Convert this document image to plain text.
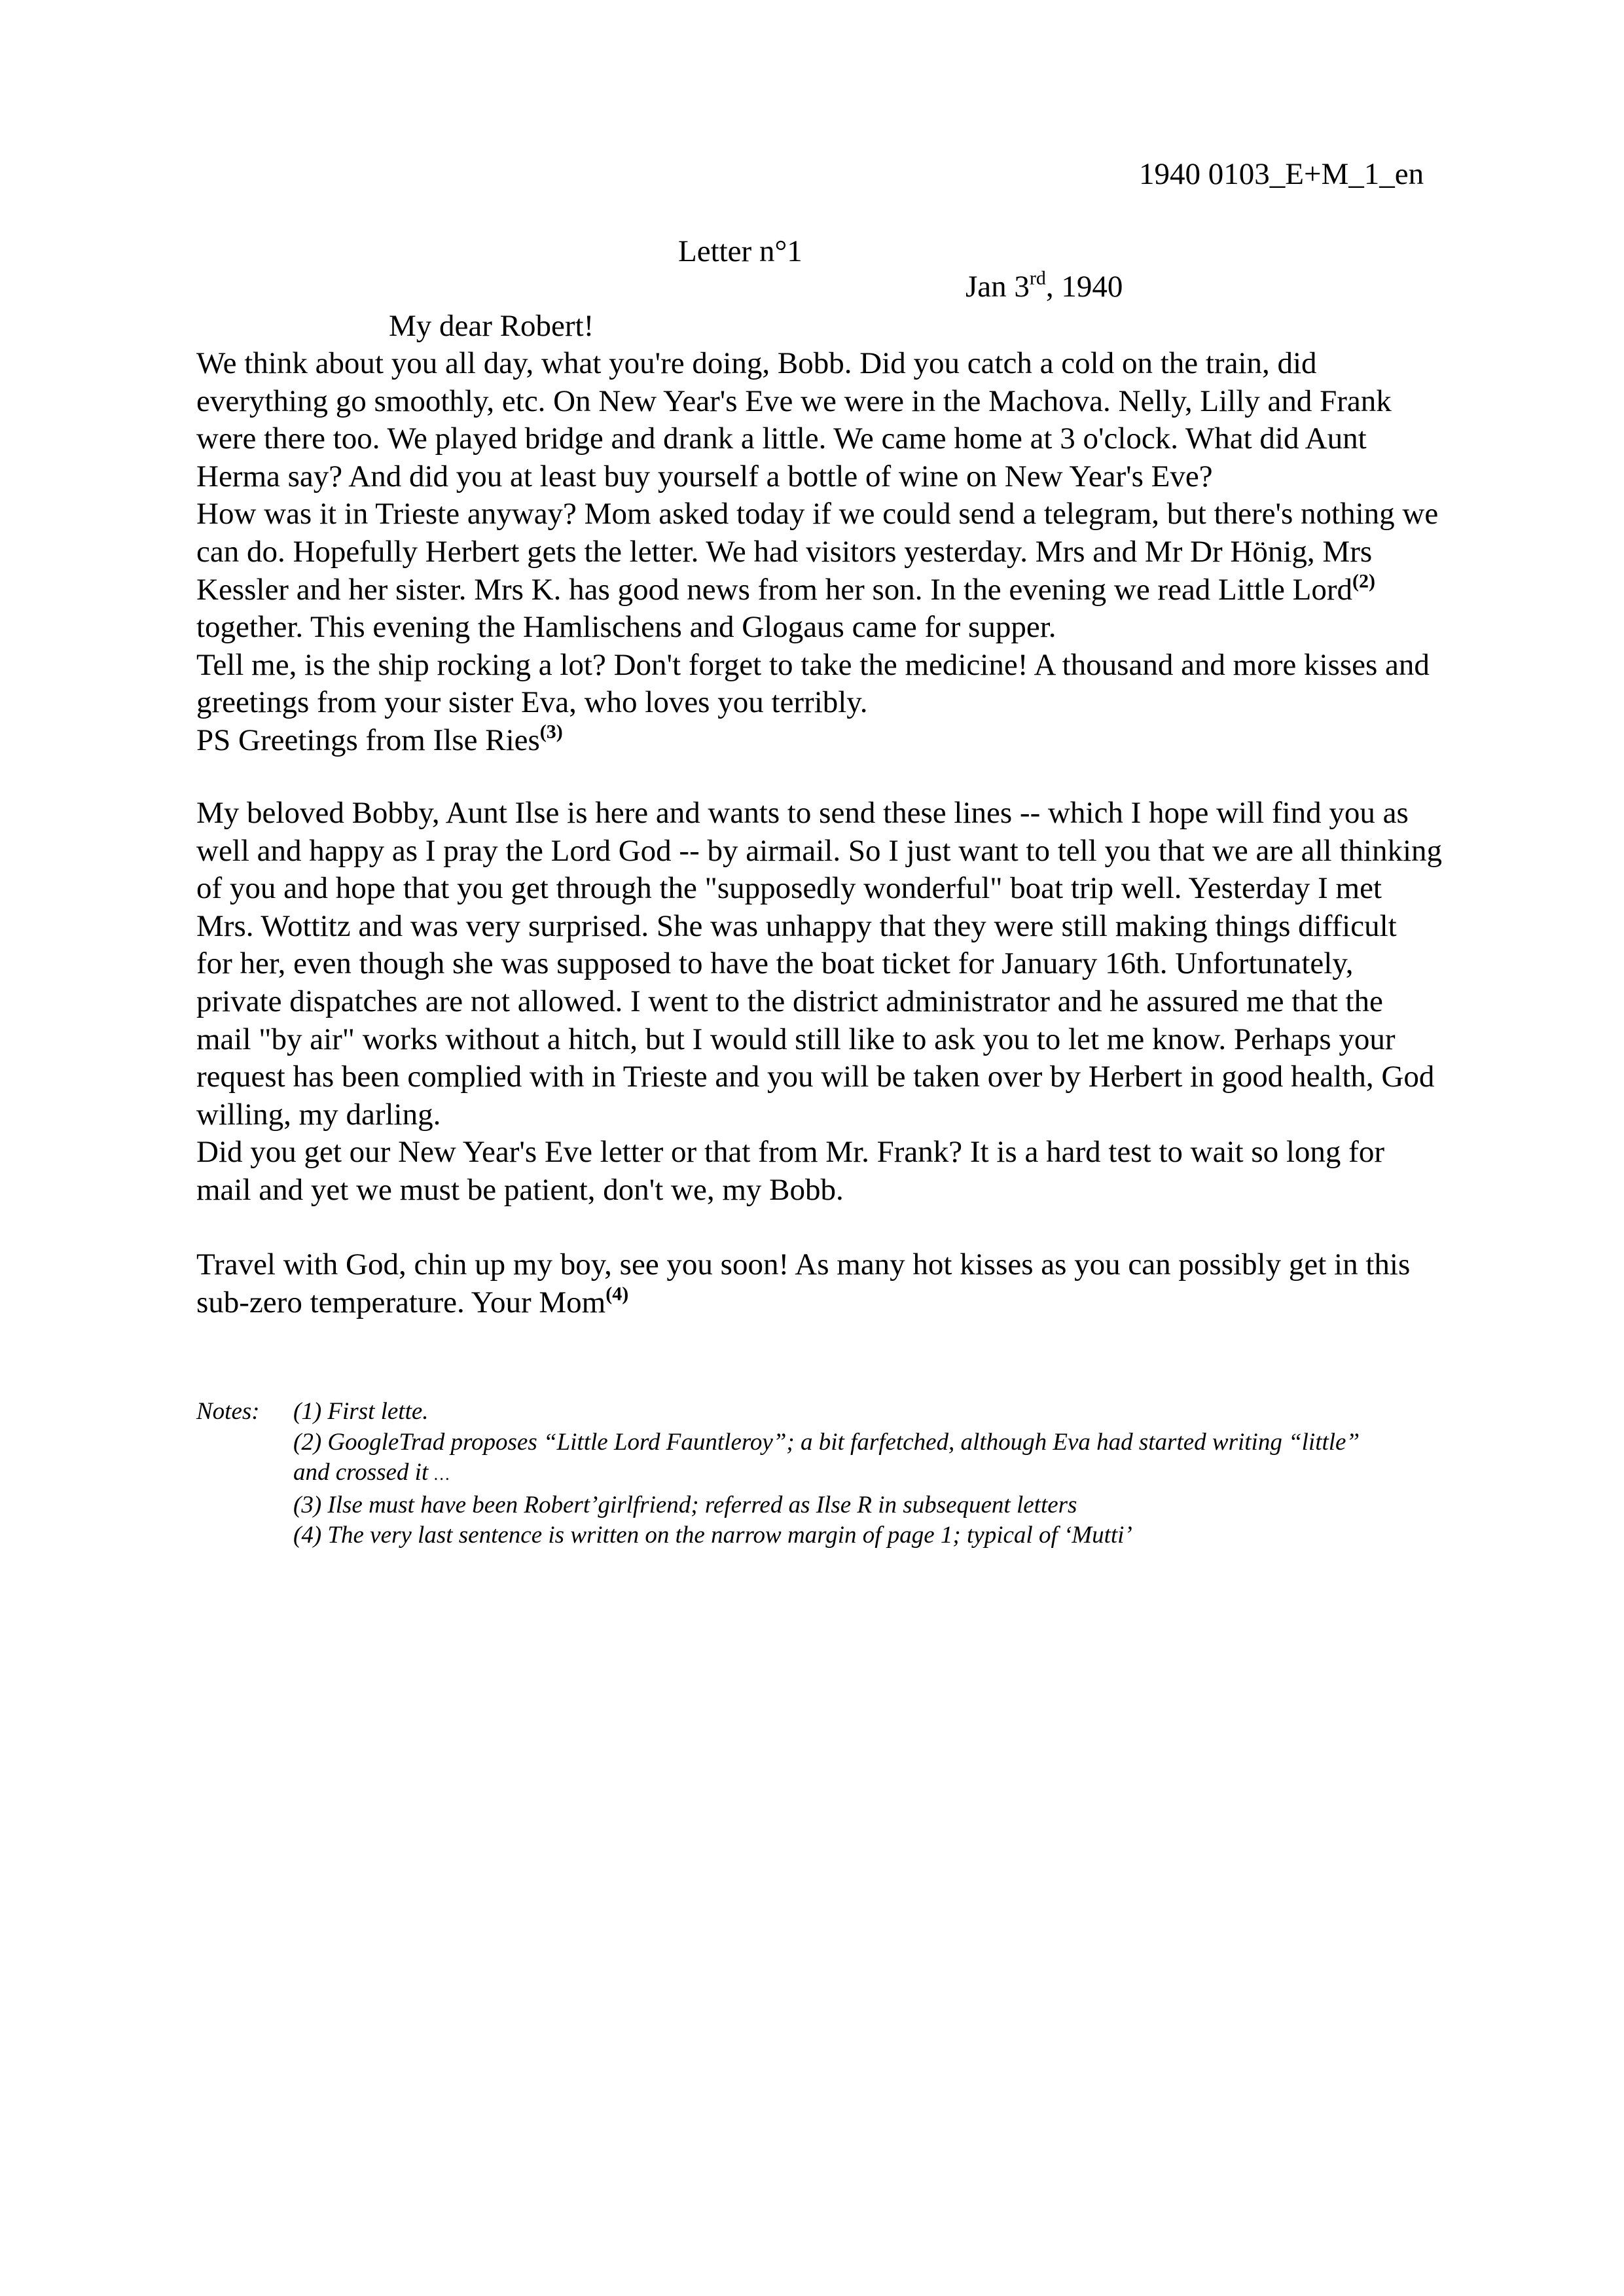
1940 0103_E+M_1_en
Letter n°1
Jan 3rd, 1940
My dear Robert!
We think about you all day, what you're doing, Bobb. Did you catch a cold on the train, did
everything go smoothly, etc. On New Year's Eve we were in the Machova. Nelly, Lilly and Frank
were there too. We played bridge and drank a little. We came home at 3 o'clock. What did Aunt
Herma say? And did you at least buy yourself a bottle of wine on New Year's Eve?
How was it in Trieste anyway? Mom asked today if we could send a telegram, but there's nothing we
can do. Hopefully Herbert gets the letter. We had visitors yesterday. Mrs and Mr Dr Hönig, Mrs
Kessler and her sister. Mrs K. has good news from her son. In the evening we read Little Lord$^{(2)}$
together. This evening the Hamlischens and Glogaus came for supper.
Tell me, is the ship rocking a lot? Don't forget to take the medicine! A thousand and more kisses and
greetings from your sister Eva, who loves you terribly.
PS Greetings from Ilse Ries$^{(3)}$
My beloved Bobby, Aunt Ilse is here and wants to send these lines -- which I hope will find you as
well and happy as I pray the Lord God -- by airmail. So I just want to tell you that we are all thinking
of you and hope that you get through the "supposedly wonderful" boat trip well. Yesterday I met
Mrs. Wottitz and was very surprised. She was unhappy that they were still making things difficult
for her, even though she was supposed to have the boat ticket for January 16th. Unfortunately,
private dispatches are not allowed. I went to the district administrator and he assured me that the
mail "by air" works without a hitch, but I would still like to ask you to let me know. Perhaps your
request has been complied with in Trieste and you will be taken over by Herbert in good health, God
willing, my darling.
Did you get our New Year's Eve letter or that from Mr. Frank? It is a hard test to wait so long for
mail and yet we must be patient, don't we, my Bobb.
Travel with God, chin up my boy, see you soon! As many hot kisses as you can possibly get in this
sub-zero temperature. Your Mom$^{(4)}$
Notes: (1) First lette.
(2) GoogleTrad proposes “Little Lord Fauntleroy”; a bit farfetched, although Eva had started writing “little”
and crossed it …
(3) Ilse must have been Robert’girlfriend; referred as Ilse R in subsequent letters
(4) The very last sentence is written on the narrow margin of page 1; typical of ‘Mutti’
